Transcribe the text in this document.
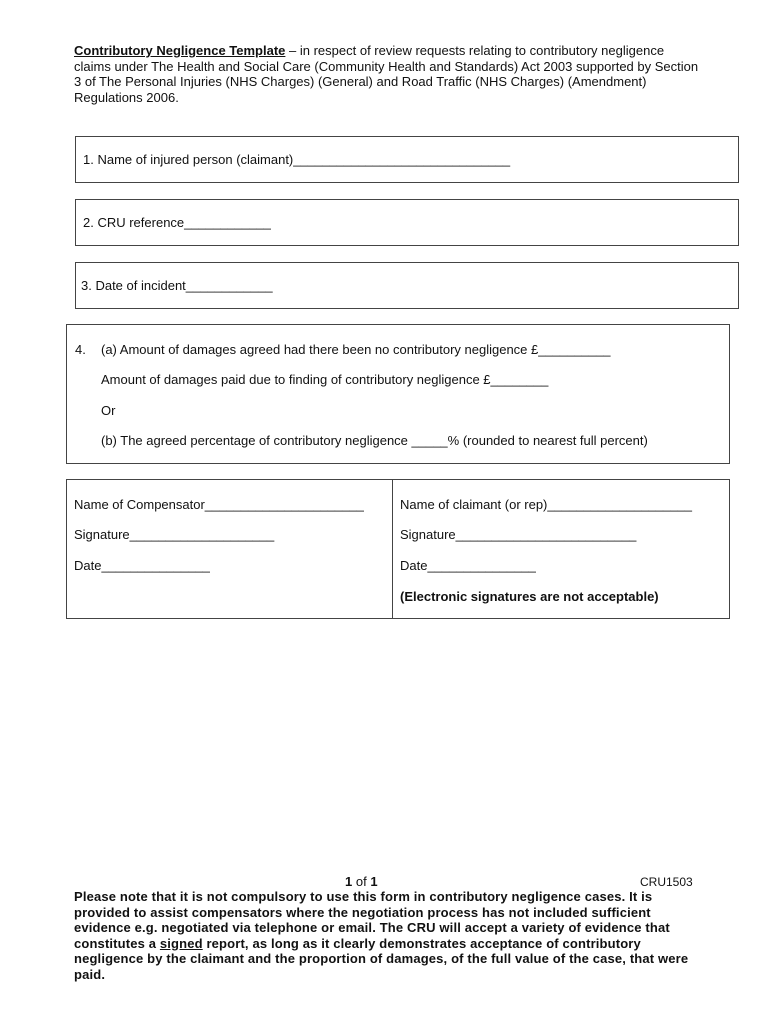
Contributory Negligence Template – in respect of review requests relating to contributory negligence claims under The Health and Social Care (Community Health and Standards) Act 2003 supported by Section 3 of The Personal Injuries (NHS Charges) (General) and Road Traffic (NHS Charges) (Amendment) Regulations 2006.
1. Name of injured person (claimant)______________________________
2. CRU reference____________
3. Date of incident____________
4. (a) Amount of damages agreed had there been no contributory negligence £__________
Amount of damages paid due to finding of contributory negligence £________
Or
(b) The agreed percentage of contributory negligence _____% (rounded to nearest full percent)
Name of Compensator______________________
Signature____________________
Date_______________
Name of claimant (or rep)____________________
Signature_________________________
Date_______________
(Electronic signatures are not acceptable)
1 of 1	CRU1503
Please note that it is not compulsory to use this form in contributory negligence cases. It is provided to assist compensators where the negotiation process has not included sufficient evidence e.g. negotiated via telephone or email. The CRU will accept a variety of evidence that constitutes a signed report, as long as it clearly demonstrates acceptance of contributory negligence by the claimant and the proportion of damages, of the full value of the case, that were paid.
